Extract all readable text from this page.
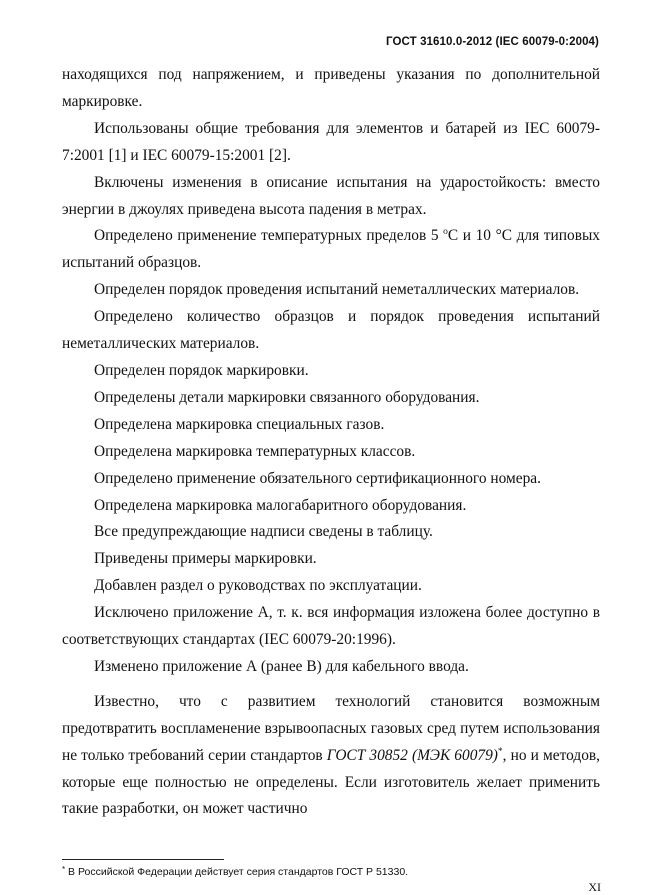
ГОСТ 31610.0-2012 (IEC 60079-0:2004)

находящихся под напряжением, и приведены указания по дополнительной маркировке.

Использованы общие требования для элементов и батарей из IEC 60079-7:2001 [1] и IEC 60079-15:2001 [2].

Включены изменения в описание испытания на ударостойкость: вместо энергии в джоулях приведена высота падения в метрах.

Определено применение температурных пределов 5 $^о$С и 10 °С для типовых испытаний образцов.

Определен порядок проведения испытаний неметаллических материалов.

Определено количество образцов и порядок проведения испытаний неметаллических материалов.

Определен порядок маркировки.

Определены детали маркировки связанного оборудования.

Определена маркировка специальных газов.

Определена маркировка температурных классов.

Определено применение обязательного сертификационного номера.

Определена маркировка малогабаритного оборудования.

Все предупреждающие надписи сведены в таблицу.

Приведены примеры маркировки.

Добавлен раздел о руководствах по эксплуатации.

Исключено приложение А, т. к. вся информация изложена более доступно в соответствующих стандартах (IEC 60079-20:1996).

Изменено приложение А (ранее В) для кабельного ввода.

Известно, что с развитием технологий становится возможным предотвратить воспламенение взрывоопасных газовых сред путем использования не только требований серии стандартов ГОСТ 30852 (МЭК 60079)*, но и методов, которые еще полностью не определены. Если изготовитель желает применить такие разработки, он может частично

* В Российской Федерации действует серия стандартов ГОСТ Р 51330.
XI
